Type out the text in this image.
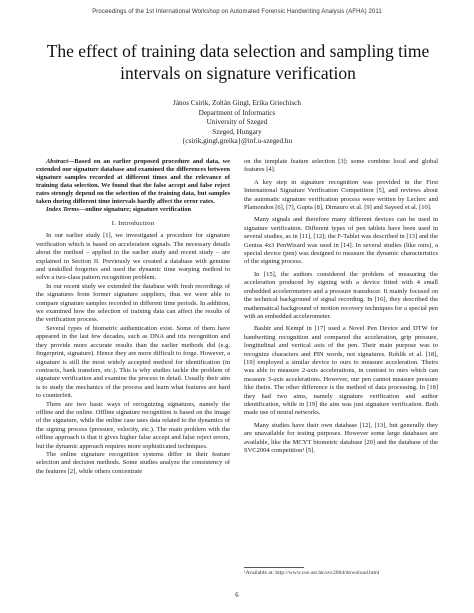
Proceedings of the 1st International Workshop on Automated Forensic Handwriting Analysis (AFHA) 2011
The effect of training data selection and sampling time intervals on signature verification
János Csirik, Zoltán Gingl, Erika Griechisch
Department of Informatics
University of Szeged
Szeged, Hungary
{csirik,gingl,greika}@inf.u-szeged.hu

Abstract—Based on an earlier proposed procedure and data, we extended our signature database and examined the differences between signature samples recorded at different times and the relevance of training data selection. We found that the false accept and false reject rates strongly depend on the selection of the training data, but samples taken during different time intervals hardly affect the error rates.

Index Terms—online signature; signature verification

I. Introduction

In our earlier study [1], we investigated a procedure for signature verification which is based on acceleration signals. The necessary details about the method – applied in the earlier study and recent study – are explained in Section II. Previously we created a database with genuine and unskilled forgeries and used the dynamic time warping method to solve a two-class pattern recognition problem.

In our recent study we extended the database with fresh recordings of the signatures from former signature suppliers, thus we were able to compare signature samples recorded in different time periods. In addition, we examined how the selection of training data can affect the results of the verification process.

Several types of biometric authentication exist. Some of them have appeared in the last few decades, such as DNA and iris recognition and they provide more accurate results than the earlier methods did (e.g. fingerprint, signature). Hence they are more difficult to forge. However, a signature is still the most widely accepted method for identification (in contracts, bank transfers, etc.). This is why studies tackle the problem of signature verification and examine the process in detail. Usually their aim is to study the mechanics of the process and learn what features are hard to counterfeit.

There are two basic ways of recognizing signatures, namely the offline and the online. Offline signature recognition is based on the image of the signature, while the online case uses data related to the dynamics of the signing process (pressure, velocity, etc.). The main problem with the offline approach is that it gives higher false accept and false reject errors, but the dynamic approach requires more sophisticated techniques.

The online signature recognition systems differ in their feature selection and decision methods. Some studies analyze the consistency of the features [2], while others concentrate

on the template feature selection [3]; some combine local and global features [4].

A key step in signature recognition was provided in the First International Signature Verification Competition [5], and reviews about the automatic signature verification process were written by Leclerc and Plamondon [6], [7], Gupta [8], Dimauro et al. [9] and Sayeed et al. [10].

Many signals and therefore many different devices can be used in signature verification. Different types of pen tablets have been used in several studies, as in [11], [12]; the F-Tablet was described in [13] and the Genius 4x3 PenWizard was used in [14]. In several studies (like ours), a special device (pen) was designed to measure the dynamic characteristics of the signing process.

In [15], the authors considered the problem of measuring the acceleration produced by signing with a device fitted with 4 small embedded accelerometers and a pressure transducer. It mainly focused on the technical background of signal recording. In [16], they described the mathematical background of motion recovery techniques for a special pen with an embedded accelerometer.

Bashir and Kempf in [17] used a Novel Pen Device and DTW for handwriting recognition and compared the acceleration, grip pressure, longitudinal and vertical axis of the pen. Their main purpose was to recognize characters and PIN words, not signatures. Rohlik et al. [18], [19] employed a similar device to ours to measure acceleration. Theirs was able to measure 2-axis accelerations, in contrast to ours which can measure 3-axis accelerations. However, our pen cannot measure pressure like theirs. The other difference is the method of data processing. In [18] they had two aims, namely signature verification and author identification, while in [19] the aim was just signature verification. Both made use of neural networks.

Many studies have their own database [12], [13], but generally they are unavailable for testing purposes. However some large databases are available, like the MCYT biometric database [20] and the database of the SVC2004 competition¹ [5].

¹Available at: http://www.cse.ust.hk/svc2004/download.html
6
